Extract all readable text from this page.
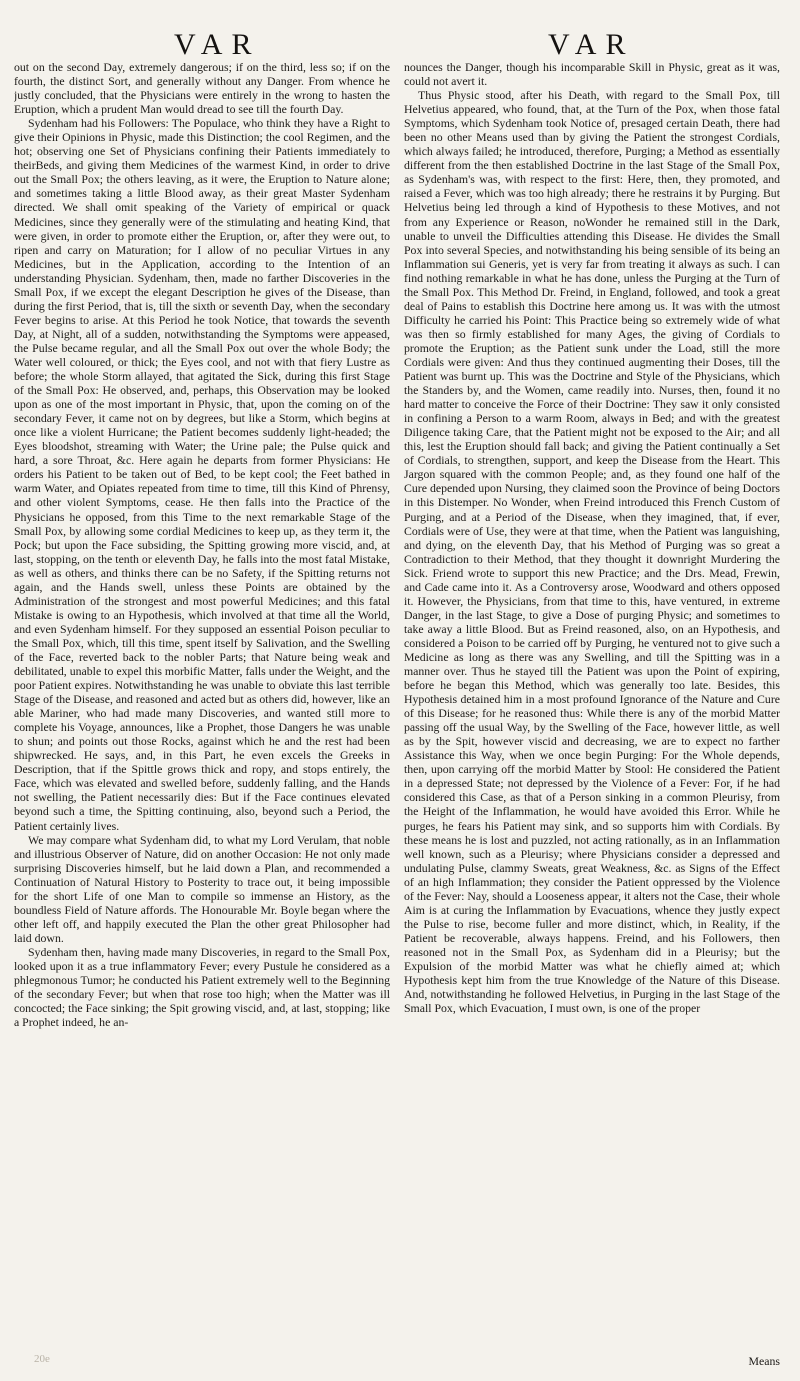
VAR	VAR

out on the second Day, extremely dangerous; if on the third, less so; if on the fourth, the distinct Sort, and generally without any Danger. From whence he justly concluded, that the Physicians were entirely in the wrong to hasten the Eruption, which a prudent Man would dread to see till the fourth Day.

Sydenham had his Followers: The Populace, who think they have a Right to give their Opinions in Physic, made this Distinction; the cool Regimen, and the hot; observing one Set of Physicians confining their Patients immediately to theirBeds, and giving them Medicines of the warmest Kind, in order to drive out the Small Pox; the others leaving, as it were, the Eruption to Nature alone; and sometimes taking a little Blood away, as their great Master Sydenham directed. We shall omit speaking of the Variety of empirical or quack Medicines, since they generally were of the stimulating and heating Kind, that were given, in order to promote either the Eruption, or, after they were out, to ripen and carry on Maturation; for I allow of no peculiar Virtues in any Medicines, but in the Application, according to the Intention of an understanding Physician. Sydenham, then, made no farther Discoveries in the Small Pox, if we except the elegant Description he gives of the Disease, than during the first Period, that is, till the sixth or seventh Day, when the secondary Fever begins to arise. At this Period he took Notice, that towards the seventh Day, at Night, all of a sudden, notwithstanding the Symptoms were appeased, the Pulse became regular, and all the Small Pox out over the whole Body; the Water well coloured, or thick; the Eyes cool, and not with that fiery Lustre as before; the whole Storm allayed, that agitated the Sick, during this first Stage of the Small Pox: He observed, and, perhaps, this Observation may be looked upon as one of the most important in Physic, that, upon the coming on of the secondary Fever, it came not on by degrees, but like a Storm, which begins at once like a violent Hurricane; the Patient becomes suddenly light-headed; the Eyes bloodshot, streaming with Water; the Urine pale; the Pulse quick and hard, a sore Throat, &c. Here again he departs from former Physicians: He orders his Patient to be taken out of Bed, to be kept cool; the Feet bathed in warm Water, and Opiates repeated from time to time, till this Kind of Phrensy, and other violent Symptoms, cease. He then falls into the Practice of the Physicians he opposed, from this Time to the next remarkable Stage of the Small Pox, by allowing some cordial Medicines to keep up, as they term it, the Pock; but upon the Face subsiding, the Spitting growing more viscid, and, at last, stopping, on the tenth or eleventh Day, he falls into the most fatal Mistake, as well as others, and thinks there can be no Safety, if the Spitting returns not again, and the Hands swell, unless these Points are obtained by the Administration of the strongest and most powerful Medicines; and this fatal Mistake is owing to an Hypothesis, which involved at that time all the World, and even Sydenham himself. For they supposed an essential Poison peculiar to the Small Pox, which, till this time, spent itself by Salivation, and the Swelling of the Face, reverted back to the nobler Parts; that Nature being weak and debilitated, unable to expel this morbific Matter, falls under the Weight, and the poor Patient expires. Notwithstanding he was unable to obviate this last terrible Stage of the Disease, and reasoned and acted but as others did, however, like an able Mariner, who had made many Discoveries, and wanted still more to complete his Voyage, announces, like a Prophet, those Dangers he was unable to shun; and points out those Rocks, against which he and the rest had been shipwrecked. He says, and, in this Part, he even excels the Greeks in Description, that if the Spittle grows thick and ropy, and stops entirely, the Face, which was elevated and swelled before, suddenly falling, and the Hands not swelling, the Patient necessarily dies: But if the Face continues elevated beyond such a time, the Spitting continuing, also, beyond such a Period, the Patient certainly lives.

We may compare what Sydenham did, to what my Lord Verulam, that noble and illustrious Observer of Nature, did on another Occasion: He not only made surprising Discoveries himself, but he laid down a Plan, and recommended a Continuation of Natural History to Posterity to trace out, it being impossible for the short Life of one Man to compile so immense an History, as the boundless Field of Nature affords. The Honourable Mr. Boyle began where the other left off, and happily executed the Plan the other great Philosopher had laid down.

Sydenham then, having made many Discoveries, in regard to the Small Pox, looked upon it as a true inflammatory Fever; every Pustule he considered as a phlegmonous Tumor; he conducted his Patient extremely well to the Beginning of the secondary Fever; but when that rose too high; when the Matter was ill concocted; the Face sinking; the Spit growing viscid, and, at last, stopping; like a Prophet indeed, he an-

nounces the Danger, though his incomparable Skill in Physic, great as it was, could not avert it.

Thus Physic stood, after his Death, with regard to the Small Pox, till Helvetius appeared, who found, that, at the Turn of the Pox, when those fatal Symptoms, which Sydenham took Notice of, presaged certain Death, there had been no other Means used than by giving the Patient the strongest Cordials, which always failed; he introduced, therefore, Purging; a Method as essentially different from the then established Doctrine in the last Stage of the Small Pox, as Sydenham's was, with respect to the first: Here, then, they promoted, and raised a Fever, which was too high already; there he restrains it by Purging. But Helvetius being led through a kind of Hypothesis to these Motives, and not from any Experience or Reason, noWonder he remained still in the Dark, unable to unveil the Difficulties attending this Disease. He divides the Small Pox into several Species, and notwithstanding his being sensible of its being an Inflammation sui Generis, yet is very far from treating it always as such. I can find nothing remarkable in what he has done, unless the Purging at the Turn of the Small Pox. This Method Dr. Freind, in England, followed, and took a great deal of Pains to establish this Doctrine here among us. It was with the utmost Difficulty he carried his Point: This Practice being so extremely wide of what was then so firmly established for many Ages, the giving of Cordials to promote the Eruption; as the Patient sunk under the Load, still the more Cordials were given: And thus they continued augmenting their Doses, till the Patient was burnt up. This was the Doctrine and Style of the Physicians, which the Standers by, and the Women, came readily into. Nurses, then, found it no hard matter to conceive the Force of their Doctrine: They saw it only consisted in confining a Person to a warm Room, always in Bed; and with the greatest Diligence taking Care, that the Patient might not be exposed to the Air; and all this, lest the Eruption should fall back; and giving the Patient continually a Set of Cordials, to strengthen, support, and keep the Disease from the Heart. This Jargon squared with the common People; and, as they found one half of the Cure depended upon Nursing, they claimed soon the Province of being Doctors in this Distemper. No Wonder, when Freind introduced this French Custom of Purging, and at a Period of the Disease, when they imagined, that, if ever, Cordials were of Use, they were at that time, when the Patient was languishing, and dying, on the eleventh Day, that his Method of Purging was so great a Contradiction to their Method, that they thought it downright Murdering the Sick. Friend wrote to support this new Practice; and the Drs. Mead, Frewin, and Cade came into it. As a Controversy arose, Woodward and others opposed it. However, the Physicians, from that time to this, have ventured, in extreme Danger, in the last Stage, to give a Dose of purging Physic; and sometimes to take away a little Blood. But as Freind reasoned, also, on an Hypothesis, and considered a Poison to be carried off by Purging, he ventured not to give such a Medicine as long as there was any Swelling, and till the Spitting was in a manner over. Thus he stayed till the Patient was upon the Point of expiring, before he began this Method, which was generally too late. Besides, this Hypothesis detained him in a most profound Ignorance of the Nature and Cure of this Disease; for he reasoned thus: While there is any of the morbid Matter passing off the usual Way, by the Swelling of the Face, however little, as well as by the Spit, however viscid and decreasing, we are to expect no farther Assistance this Way, when we once begin Purging: For the Whole depends, then, upon carrying off the morbid Matter by Stool: He considered the Patient in a depressed State; not depressed by the Violence of a Fever: For, if he had considered this Case, as that of a Person sinking in a common Pleurisy, from the Height of the Inflammation, he would have avoided this Error. While he purges, he fears his Patient may sink, and so supports him with Cordials. By these means he is lost and puzzled, not acting rationally, as in an Inflammation well known, such as a Pleurisy; where Physicians consider a depressed and undulating Pulse, clammy Sweats, great Weakness, &c. as Signs of the Effect of an high Inflammation; they consider the Patient oppressed by the Violence of the Fever: Nay, should a Looseness appear, it alters not the Case, their whole Aim is at curing the Inflammation by Evacuations, whence they justly expect the Pulse to rise, become fuller and more distinct, which, in Reality, if the Patient be recoverable, always happens. Freind, and his Followers, then reasoned not in the Small Pox, as Sydenham did in a Pleurisy; but the Expulsion of the morbid Matter was what he chiefly aimed at; which Hypothesis kept him from the true Knowledge of the Nature of this Disease. And, notwithstanding he followed Helvetius, in Purging in the last Stage of the Small Pox, which Evacuation, I must own, is one of the proper

20e	Means
